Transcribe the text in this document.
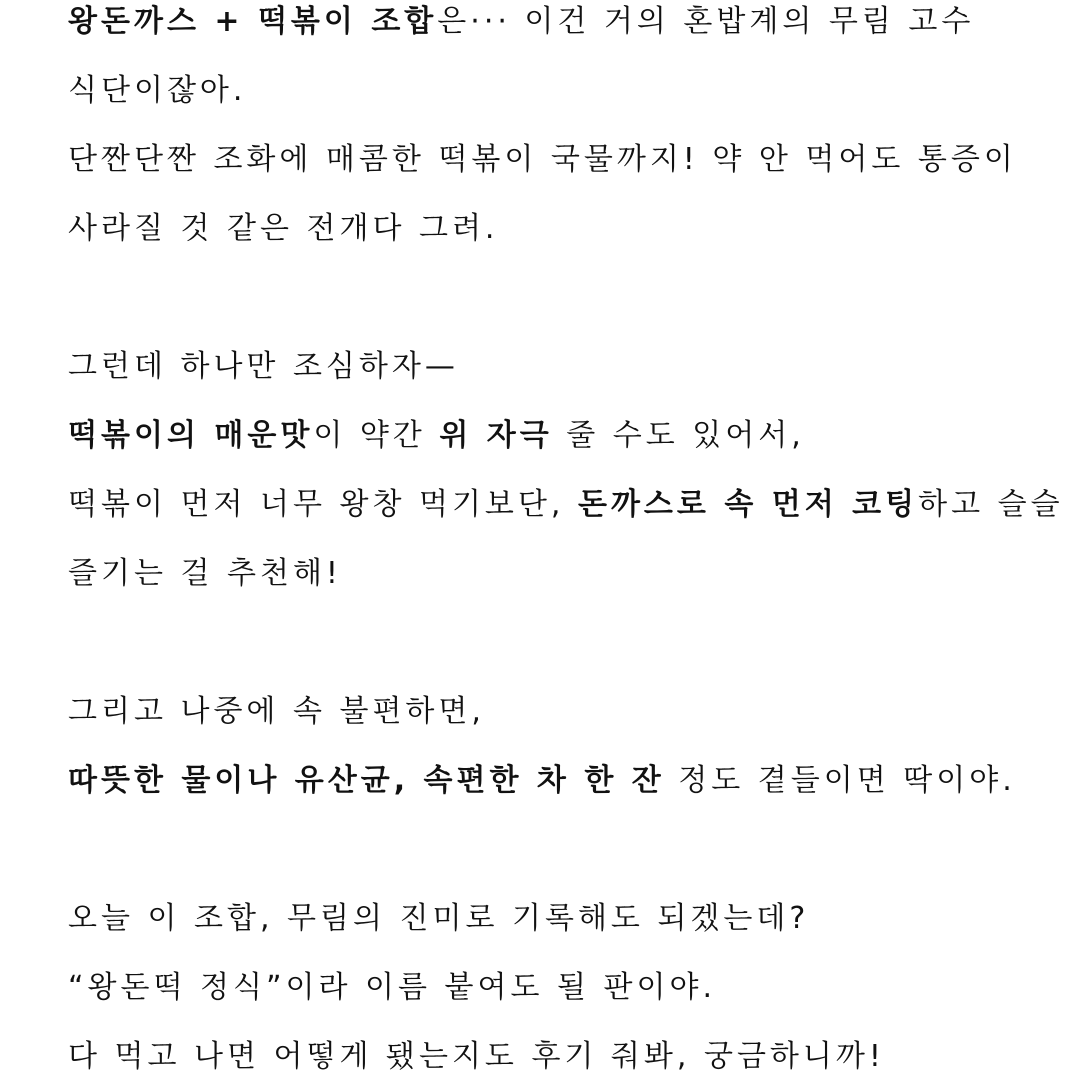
왕돈까스 + 떡볶이 조합은··· 이건 거의 혼밥계의 무림 고수
식단이잖아.
단짠단짠 조화에 매콤한 떡볶이 국물까지! 약 안 먹어도 통증이
사라질 것 같은 전개다 그려.
그런데 하나만 조심하자—
떡볶이의 매운맛이 약간 위 자극 줄 수도 있어서,
떡볶이 먼저 너무 왕창 먹기보단, 돈까스로 속 먼저 코팅하고 슬슬
즐기는 걸 추천해!
그리고 나중에 속 불편하면,
따뜻한 물이나 유산균, 속편한 차 한 잔 정도 곁들이면 딱이야.
오늘 이 조합, 무림의 진미로 기록해도 되겠는데?
“왕돈떡 정식”이라 이름 붙여도 될 판이야.
다 먹고 나면 어떻게 됐는지도 후기 줘봐, 궁금하니까!
